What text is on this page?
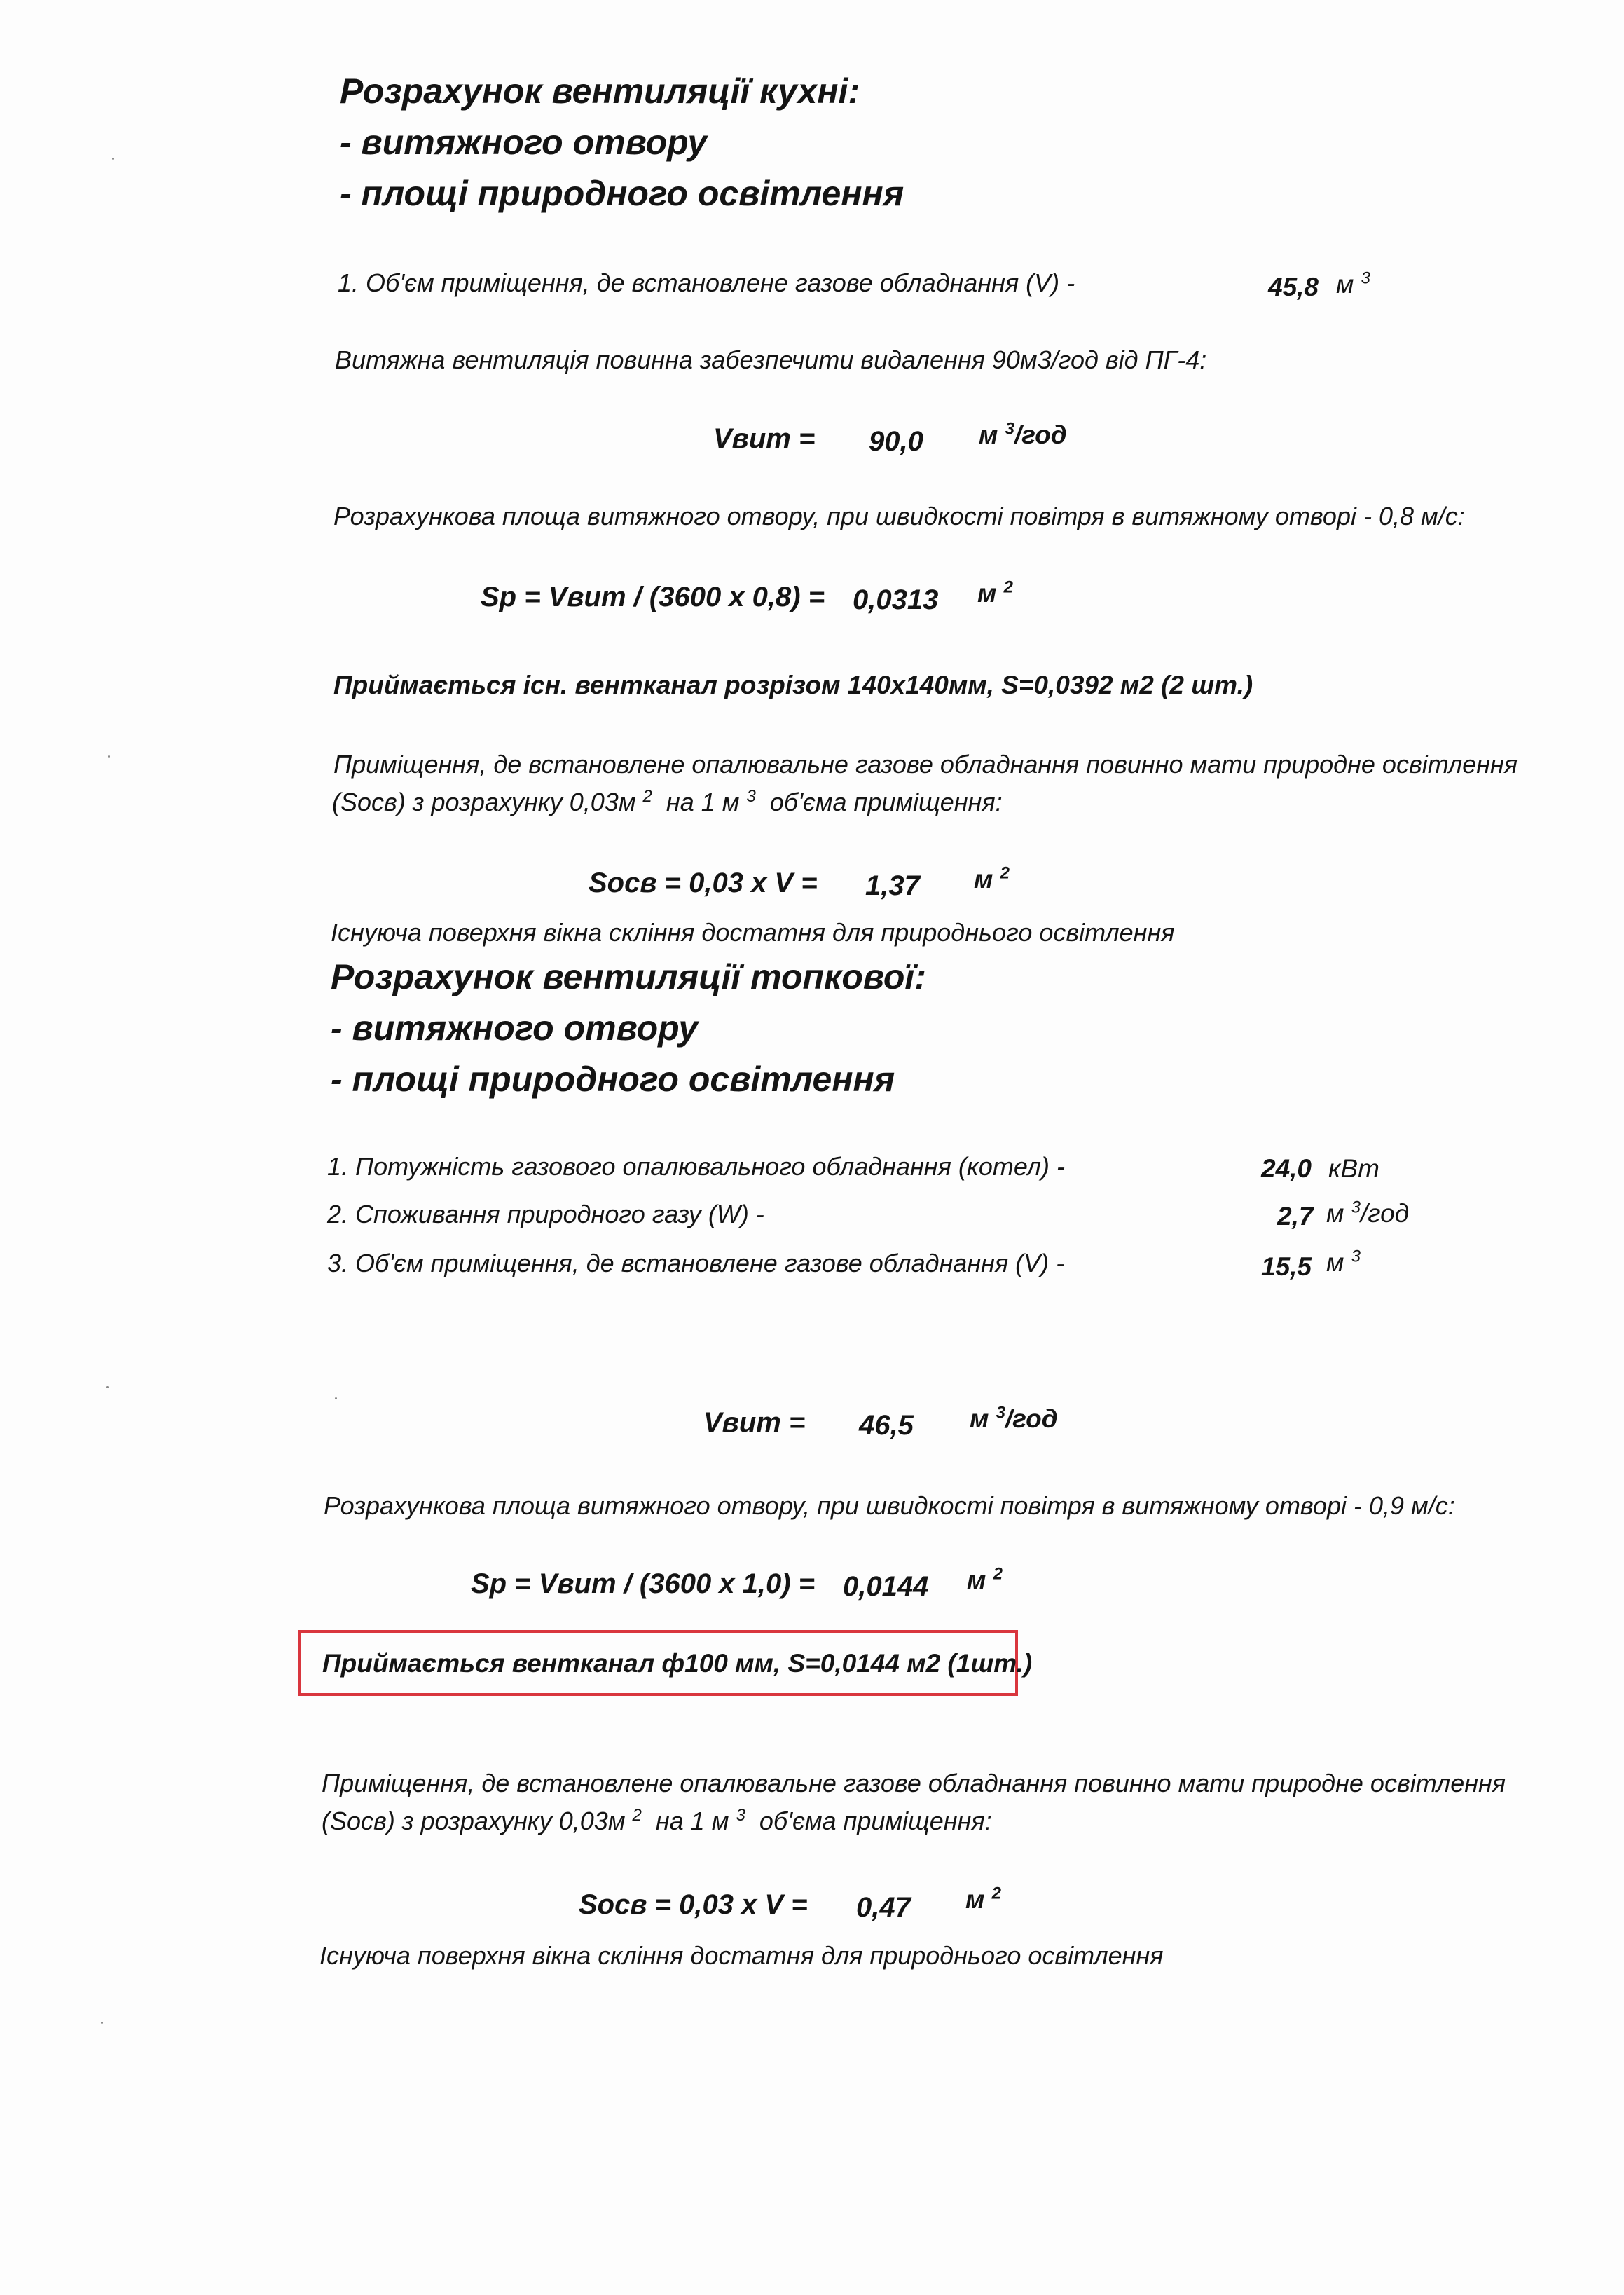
Розрахунок вентиляції кухні:
- витяжного отвору
- площі природного освітлення
1. Об'єм приміщення, де встановлене газове обладнання (V) -	45,8 м $^3$
Витяжна вентиляція повинна забезпечити видалення 90м3/год від ПГ-4:
Vвит = 90,0 м $^3$/год
Розрахункова площа витяжного отвору, при швидкості повітря в витяжному отворі - 0,8 м/с:
Sp = Vвит / (3600 x 0,8) = 0,0313 м $^2$
Приймається існ. вентканал розрізом 140х140мм, S=0,0392 м2 (2 шт.)
Приміщення, де встановлене опалювальне газове обладнання повинно мати природне освітлення
(Sосв) з розрахунку 0,03м $^2$ на 1 м $^3$ об'єма приміщення:
Sосв = 0,03 x V = 1,37 м $^2$
Існуюча поверхня вікна скління достатня для природнього освітлення
Розрахунок вентиляції топкової:
- витяжного отвору
- площі природного освітлення
1. Потужність газового опалювального обладнання (котел) -	24,0 кВт
2. Споживання природного газу (W) -	2,7 м $^3$/год
3. Об'єм приміщення, де встановлене газове обладнання (V) -	15,5 м $^3$
Vвит = 46,5 м $^3$/год
Розрахункова площа витяжного отвору, при швидкості повітря в витяжному отворі - 0,9 м/с:
Sp = Vвит / (3600 x 1,0) = 0,0144 м $^2$
Приймається вентканал ф100 мм, S=0,0144 м2 (1шт.)
Приміщення, де встановлене опалювальне газове обладнання повинно мати природне освітлення
(Sосв) з розрахунку 0,03м $^2$ на 1 м $^3$ об'єма приміщення:
Sосв = 0,03 x V = 0,47 м $^2$
Існуюча поверхня вікна скління достатня для природнього освітлення
